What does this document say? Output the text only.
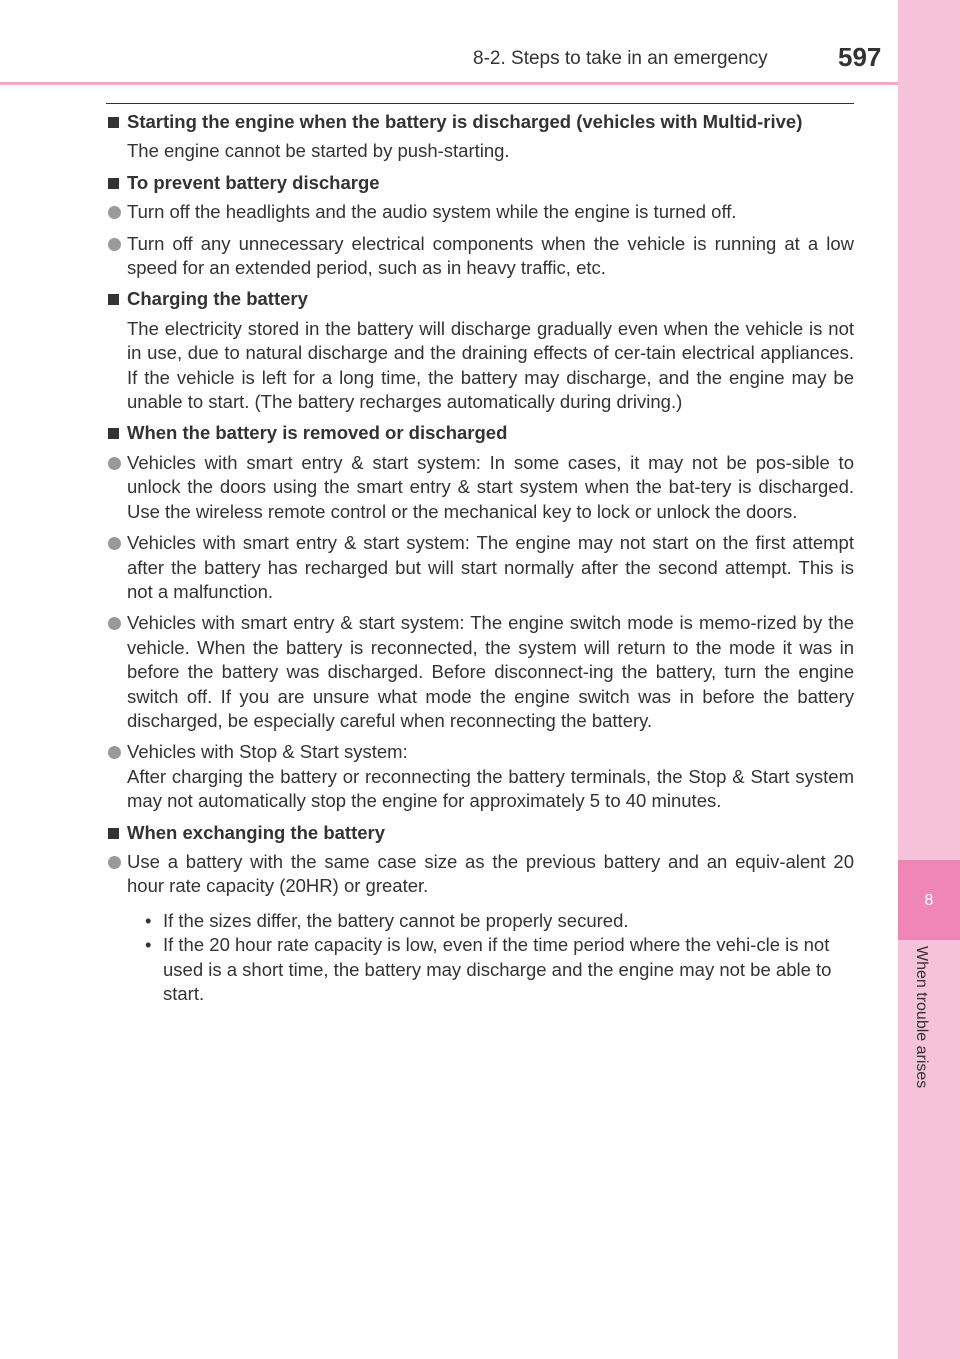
8
When trouble arises
8-2. Steps to take in an emergency	597
Starting the engine when the battery is discharged (vehicles with Multid-rive)
The engine cannot be started by push-starting.
To prevent battery discharge
Turn off the headlights and the audio system while the engine is turned off.
Turn off any unnecessary electrical components when the vehicle is running at a low speed for an extended period, such as in heavy traffic, etc.
Charging the battery
The electricity stored in the battery will discharge gradually even when the vehicle is not in use, due to natural discharge and the draining effects of cer-tain electrical appliances. If the vehicle is left for a long time, the battery may discharge, and the engine may be unable to start. (The battery recharges automatically during driving.)
When the battery is removed or discharged
Vehicles with smart entry & start system: In some cases, it may not be pos-sible to unlock the doors using the smart entry & start system when the bat-tery is discharged. Use the wireless remote control or the mechanical key to lock or unlock the doors.
Vehicles with smart entry & start system: The engine may not start on the first attempt after the battery has recharged but will start normally after the second attempt. This is not a malfunction.
Vehicles with smart entry & start system: The engine switch mode is memo-rized by the vehicle. When the battery is reconnected, the system will return to the mode it was in before the battery was discharged. Before disconnect-ing the battery, turn the engine switch off. If you are unsure what mode the engine switch was in before the battery discharged, be especially careful when reconnecting the battery.
Vehicles with Stop & Start system:
After charging the battery or reconnecting the battery terminals, the Stop & Start system may not automatically stop the engine for approximately 5 to 40 minutes.
When exchanging the battery
Use a battery with the same case size as the previous battery and an equiv-alent 20 hour rate capacity (20HR) or greater.
• If the sizes differ, the battery cannot be properly secured.
• If the 20 hour rate capacity is low, even if the time period where the vehi-cle is not used is a short time, the battery may discharge and the engine may not be able to start.
